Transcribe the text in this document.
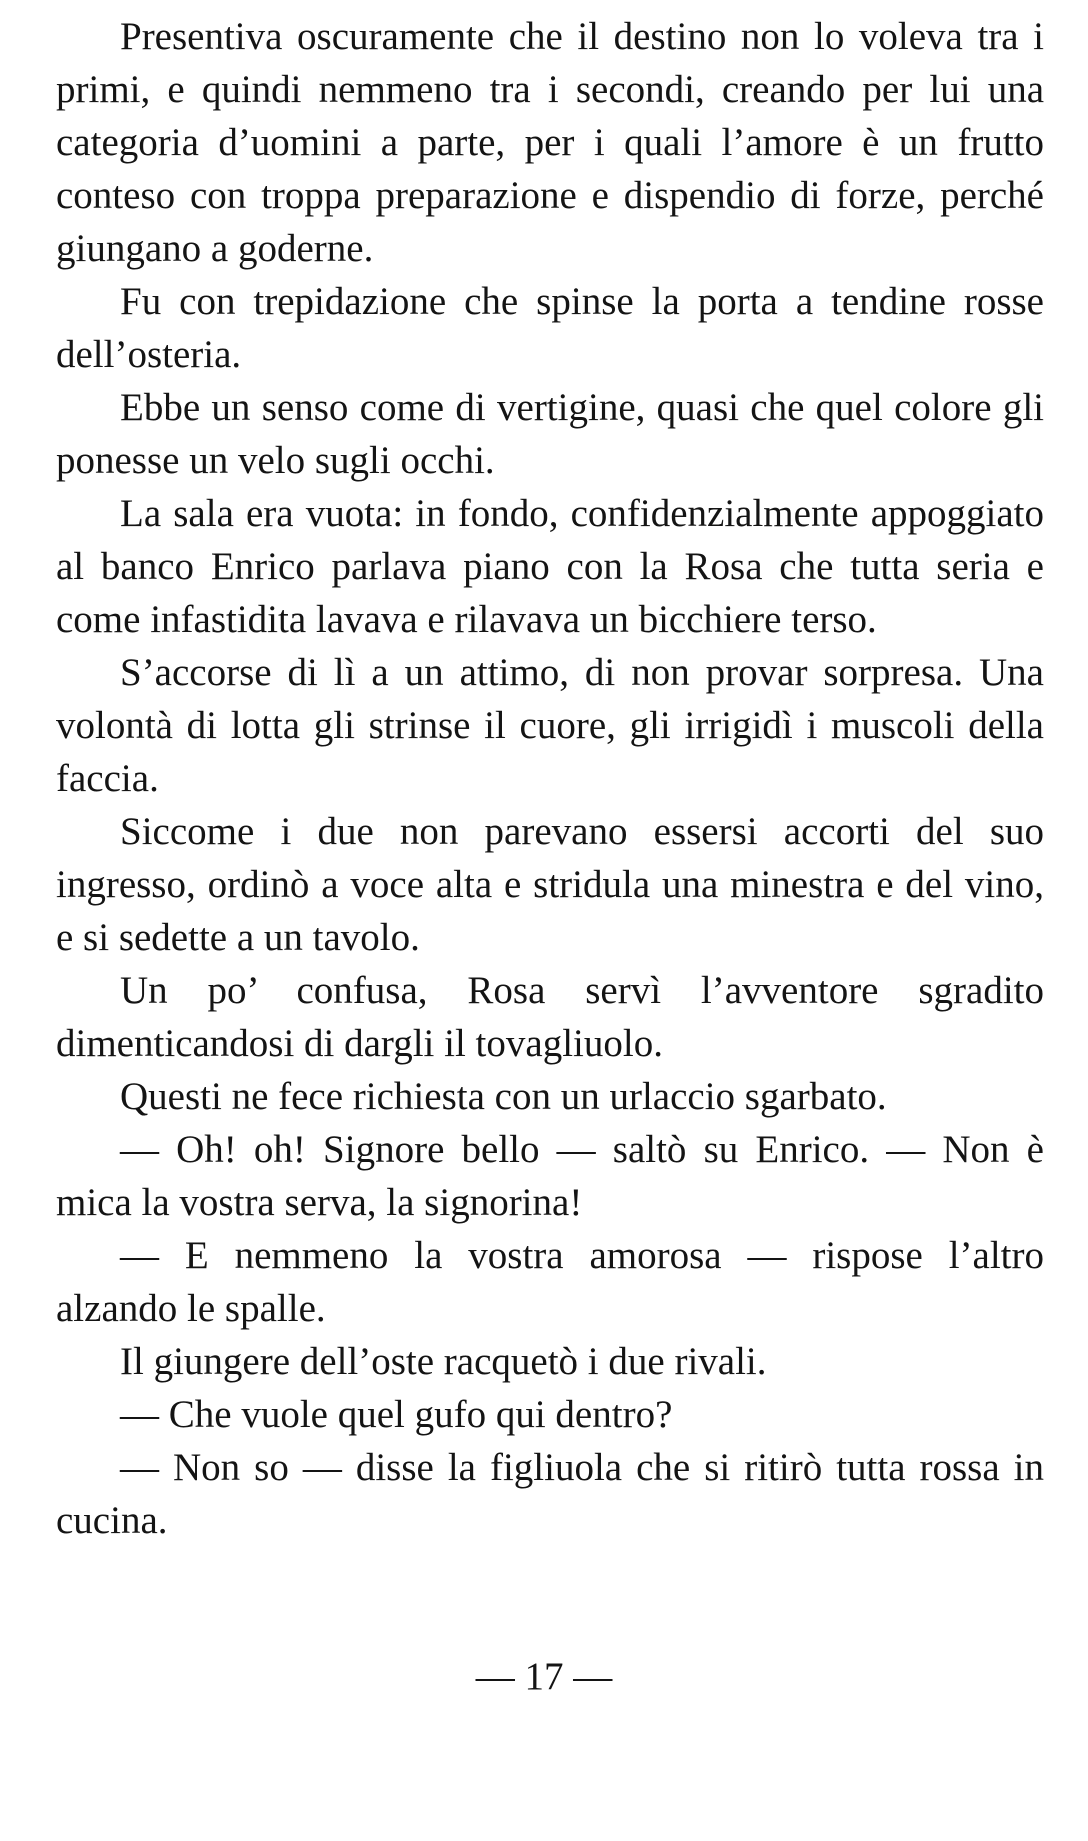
Presentiva oscuramente che il destino non lo voleva tra i primi, e quindi nemmeno tra i secondi, creando per lui una categoria d’uomini a parte, per i quali l’amore è un frutto conteso con troppa preparazione e dispendio di forze, perché giungano a goderne.

Fu con trepidazione che spinse la porta a tendine rosse dell’osteria.

Ebbe un senso come di vertigine, quasi che quel colore gli ponesse un velo sugli occhi.

La sala era vuota: in fondo, confidenzialmente appoggiato al banco Enrico parlava piano con la Rosa che tutta seria e come infastidita lavava e rilavava un bicchiere terso.

S’accorse di lì a un attimo, di non provar sorpresa. Una volontà di lotta gli strinse il cuore, gli irrigidì i muscoli della faccia.

Siccome i due non parevano essersi accorti del suo ingresso, ordinò a voce alta e stridula una minestra e del vino, e si sedette a un tavolo.

Un po’ confusa, Rosa servì l’avventore sgradito dimenticandosi di dargli il tovagliuolo.

Questi ne fece richiesta con un urlaccio sgarbato.

— Oh! oh! Signore bello — saltò su Enrico. — Non è mica la vostra serva, la signorina!

— E nemmeno la vostra amorosa — rispose l’altro alzando le spalle.

Il giungere dell’oste racquetò i due rivali.

— Che vuole quel gufo qui dentro?

— Non so — disse la figliuola che si ritirò tutta rossa in cucina.

— 17 —
